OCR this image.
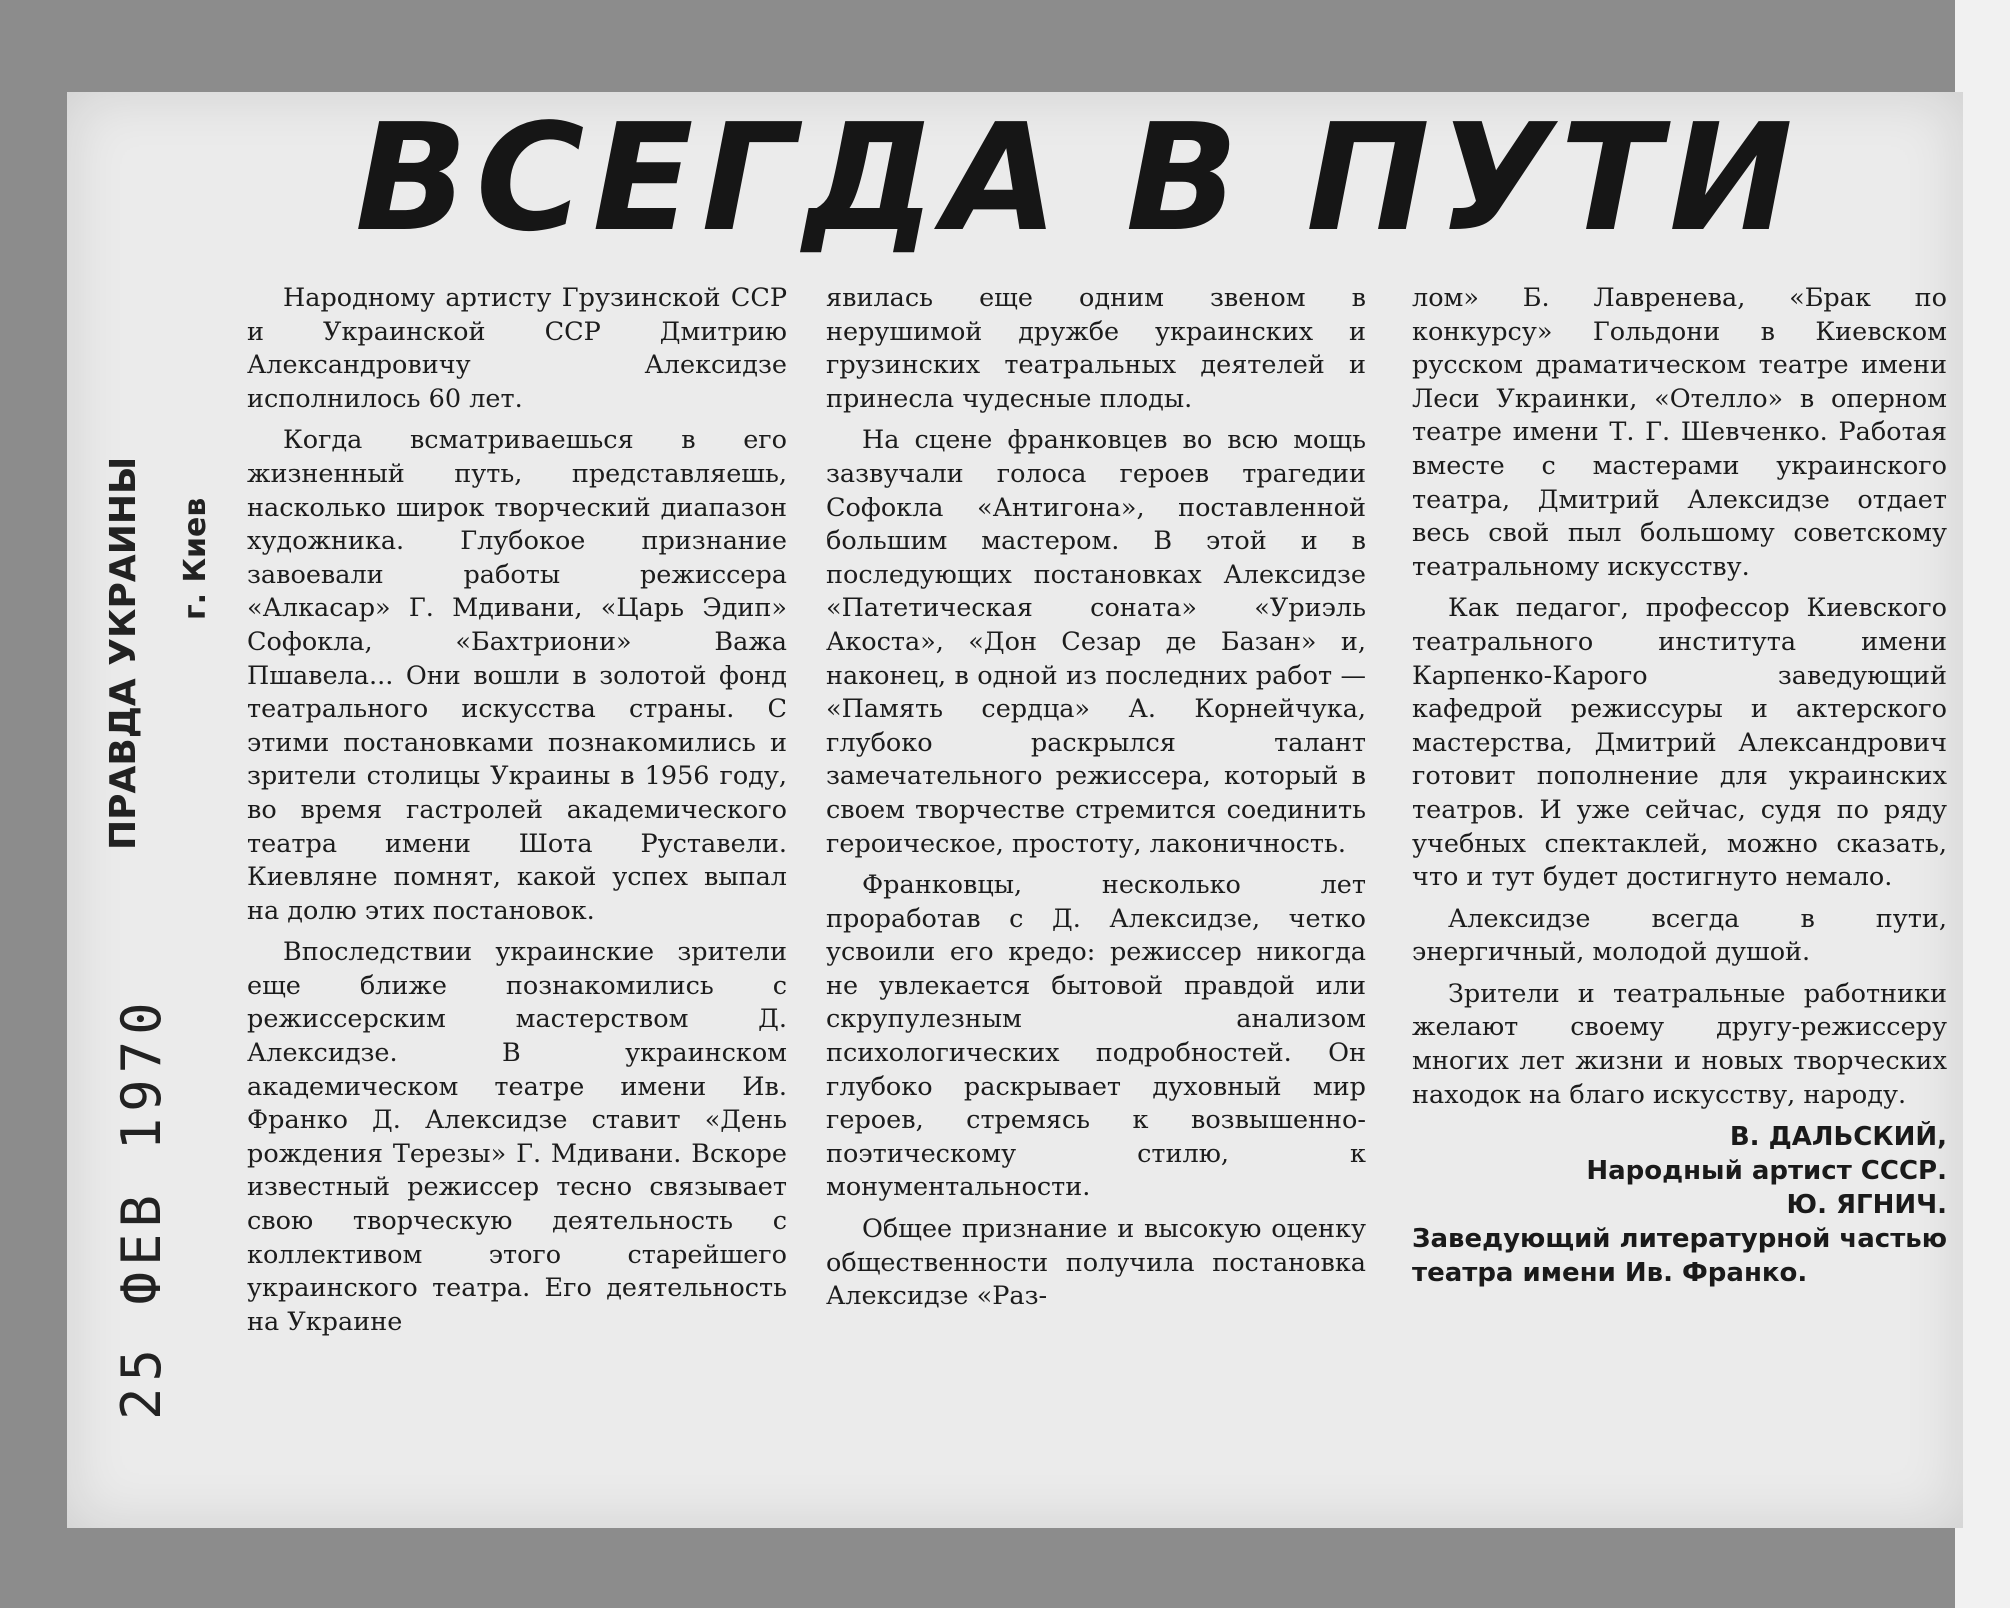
ВСЕГДА В ПУТИ
ПРАВДА УКРАИНЫ г. Киев
25 ФЕВ 1970

Народному артисту Грузинской ССР и Украинской ССР Дмитрию Александровичу Алексидзе исполнилось 60 лет.

Когда всматриваешься в его жизненный путь, представляешь, насколько широк творческий диапазон художника. Глубокое признание завоевали работы режиссера «Алкасар» Г. Мдивани, «Царь Эдип» Софокла, «Бахтриони» Важа Пшавела... Они вошли в золотой фонд театрального искусства страны. С этими постановками познакомились и зрители столицы Украины в 1956 году, во время гастролей академического театра имени Шота Руставели. Киевляне помнят, какой успех выпал на долю этих постановок.

Впоследствии украинские зрители еще ближе познакомились с режиссерским мастерством Д. Алексидзе. В украинском академическом театре имени Ив. Франко Д. Алексидзе ставит «День рождения Терезы» Г. Мдивани. Вскоре известный режиссер тесно связывает свою творческую деятельность с коллективом этого старейшего украинского театра. Его деятельность на Украине

явилась еще одним звеном в нерушимой дружбе украинских и грузинских театральных деятелей и принесла чудесные плоды.

На сцене франковцев во всю мощь зазвучали голоса героев трагедии Софокла «Антигона», поставленной большим мастером. В этой и в последующих постановках Алексидзе «Патетическая соната» «Уриэль Акоста», «Дон Сезар де Базан» и, наконец, в одной из последних работ — «Память сердца» А. Корнейчука, глубоко раскрылся талант замечательного режиссера, который в своем творчестве стремится соединить героическое, простоту, лаконичность.

Франковцы, несколько лет проработав с Д. Алексидзе, четко усвоили его кредо: режиссер никогда не увлекается бытовой правдой или скрупулезным анализом психологических подробностей. Он глубоко раскрывает духовный мир героев, стремясь к возвышенно-поэтическому стилю, к монументальности.

Общее признание и высокую оценку общественности получила постановка Алексидзе «Раз-

лом» Б. Лавренева, «Брак по конкурсу» Гольдони в Киевском русском драматическом театре имени Леси Украинки, «Отелло» в оперном театре имени Т. Г. Шевченко. Работая вместе с мастерами украинского театра, Дмитрий Алексидзе отдает весь свой пыл большому советскому театральному искусству.

Как педагог, профессор Киевского театрального института имени Карпенко-Карого заведующий кафедрой режиссуры и актерского мастерства, Дмитрий Александрович готовит пополнение для украинских театров. И уже сейчас, судя по ряду учебных спектаклей, можно сказать, что и тут будет достигнуто немало.

Алексидзе всегда в пути, энергичный, молодой душой.

Зрители и театральные работники желают своему другу-режиссеру многих лет жизни и новых творческих находок на благо искусству, народу.

В. ДАЛЬСКИЙ,
Народный артист СССР.
Ю. ЯГНИЧ.
Заведующий литературной частью театра имени Ив. Франко.
